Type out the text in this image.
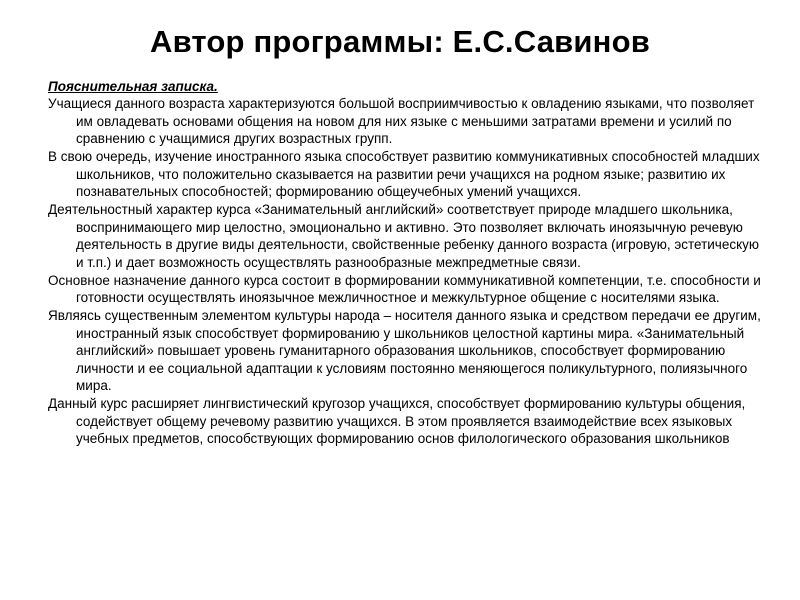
Автор программы: Е.С.Савинов

Пояснительная записка.

Учащиеся данного возраста характеризуются большой восприимчивостью к овладению языками, что позволяет им овладевать основами общения на новом для них языке с меньшими затратами времени и усилий по сравнению с учащимися других возрастных групп.

В свою очередь, изучение иностранного языка способствует развитию коммуникативных способностей младших школьников, что положительно сказывается на развитии речи учащихся на родном языке; развитию их познавательных способностей; формированию общеучебных умений учащихся.

Деятельностный характер курса «Занимательный английский» соответствует природе младшего школьника, воспринимающего мир целостно, эмоционально и активно. Это позволяет включать иноязычную речевую деятельность в другие виды деятельности, свойственные ребенку данного возраста (игровую, эстетическую и т.п.) и дает возможность осуществлять разнообразные межпредметные связи.

Основное назначение данного курса состоит в формировании коммуникативной компетенции, т.е. способности и готовности осуществлять иноязычное межличностное и межкультурное общение с носителями языка.

Являясь существенным элементом культуры народа – носителя данного языка и средством передачи ее другим, иностранный язык способствует формированию у школьников целостной картины мира. «Занимательный английский» повышает уровень гуманитарного образования школьников, способствует формированию личности и ее социальной адаптации к условиям постоянно меняющегося поликультурного, полиязычного мира.

Данный курс расширяет лингвистический кругозор учащихся, способствует формированию культуры общения, содействует общему речевому развитию учащихся. В этом проявляется взаимодействие всех языковых учебных предметов, способствующих формированию основ филологического образования школьников
